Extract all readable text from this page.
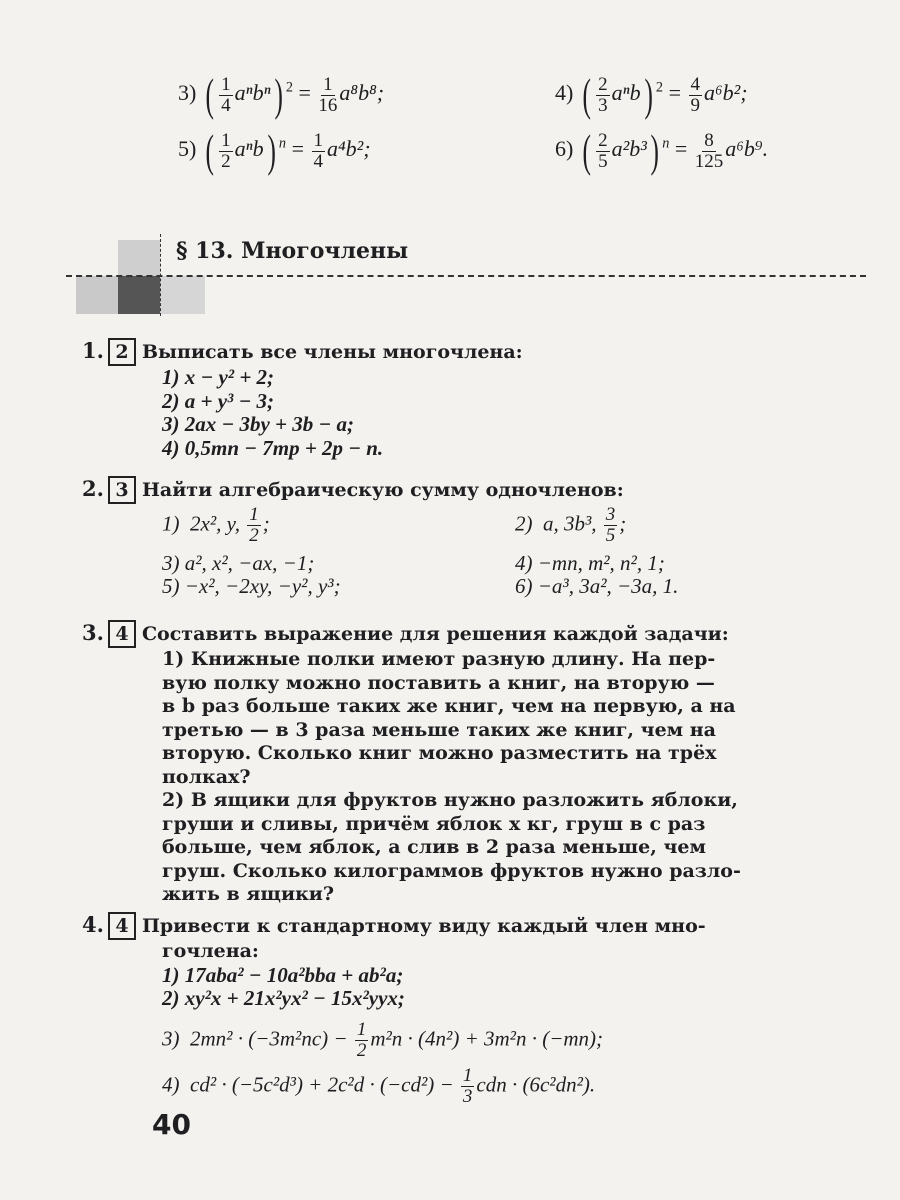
3) ( $\frac{1}{4} a^nb^n$) $^2 = \frac{1}{16} a^8b^8$;	4) ( $\frac{2}{3} a^nb$) $^2 = \frac{4}{9} a^6b^2$;
5) ( $\frac{1}{2} a^nb$) $^n = \frac{1}{4} a^4b^2$;	6) ( $\frac{2}{5} a^2b^3$) $^n = \frac{8}{125} a^6b^9$.
§ 13. Многочлены
1. 2 Выписать все члены многочлена:
1) x − y² + 2;
2) a + y³ − 3;
3) 2ax − 3by + 3b − a;
4) 0,5mn − 7mp + 2p − n.
2. 3 Найти алгебраическую сумму одночленов:
1) 2x², y, $\frac{1}{2}$ ;	2) a, 3b³, $\frac{3}{5}$ ;
3) a², x², −ax, −1;	4) −mn, m², n², 1;
5) −x², −2xy, −y², y³;	6) −a³, 3a², −3a, 1.
3. 4 Составить выражение для решения каждой задачи:
1) Книжные полки имеют разную длину. На пер-
вую полку можно поставить a книг, на вторую —
в b раз больше таких же книг, чем на первую, а на
третью — в 3 раза меньше таких же книг, чем на
вторую. Сколько книг можно разместить на трёх
полках?
2) В ящики для фруктов нужно разложить яблоки,
груши и сливы, причём яблок x кг, груш в c раз
больше, чем яблок, а слив в 2 раза меньше, чем
груш. Сколько килограммов фруктов нужно разло-
жить в ящики?
4. 4 Привести к стандартному виду каждый член мно-
гочлена:
1) 17aba² − 10a²bba + ab²a;
2) xy²x + 21x²yx² − 15x²yyx;
3) $2mn^2 \cdot (-3m^2nc) - \frac{1}{2} m^2n \cdot (4n^2) + 3m^2n \cdot (-mn)$;
4) $cd^2 \cdot (-5c^2d^3) + 2c^2d \cdot (-cd^2) - \frac{1}{3}$ cdn · (6c²dn²).
40
